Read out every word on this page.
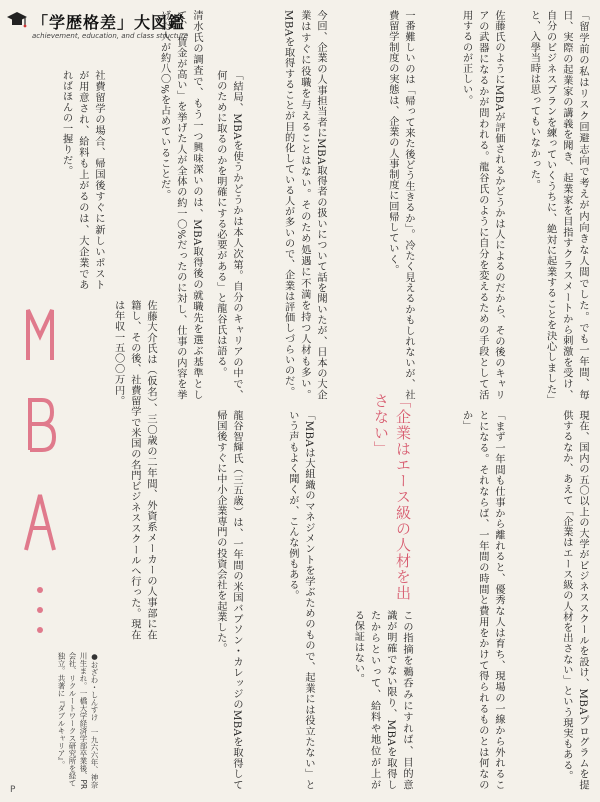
「学歴格差」大図鑑
achievement, education, and class structure	「留学前の私はリスク回避志向で考えが内向きな人間でした。でも一年間、毎日、実際の起業家の講義を聞き、起業家を目指すクラスメートから刺激を受け、自分のビジネスプランを練っていくうちに、絶対に起業することを決心しました」と、入學当時は思ってもいなかった。
佐藤氏のようにMBAが評価されるかどうかは人によるのだから、その後のキャリアの武器になるかが問われる。龍谷氏のように自分を変えるための手段として活用するのが正しい。
一番難しいのは「帰って来た後どう生きるか」。冷たく見えるかもしれないが、社費留学制度の実態は、企業の人事制度に回帰していく。
今回、企業の人事担当者にMBA取得者の扱いについて話を聞いたが、日本の大企業はすぐに役職を与えることはない。そのため処遇に不満を持つ人材も多い。MBAを取得することが目的化している人が多いので、企業は評価しづらいのだ。
「結局、MBAを使うかどうかは本人次第。自分のキャリアの中で、何のために取るのかを明確にする必要がある」と龍谷氏は語る。
清水氏の調査で、もう一つ興味深いのは、MBA取得後の就職先を選ぶ基準として、「賃金が高い」を挙げた人が全体の約一〇%だったのに対し、仕事の内容を挙げた人が約八〇%を占めていることだ。
社費留学の場合、帰国後すぐに新しいポストが用意され、給料も上がるのは、大企業であればほんの一握りだ。
現在、国内の五〇以上の大学がビジネススクールを設け、MBAプログラムを提供するなか、あえて「企業はエース級の人材を出さない」という現実もある。
「まず一年間も仕事から離れると、優秀な人は育ち、現場の一線から外れることになる。それならば、一年間の時間と費用をかけて得られるものとは何なのか」
この指摘を鵜呑みにすれば、目的意識が明確でない限り、MBAを取得したからといって、給料や地位が上がる保証はない。
「MBAは大組織のマネジメントを学ぶためのもので、起業には役立たない」という声もよく聞くが、こんな例もある。
龍谷智輝氏（三五歳）は、一年間の米国バブソン・カレッジのMBAを取得して帰国後すぐに中小企業専門の投資会社を起業した。
佐藤大介氏は（仮名）、三〇歳の二年間、外資系メーカーの人事部に在籍し、その後、社費留学で米国の名門ビジネススクールへ行った。現在は年収一五〇〇万円。
「企業はエース級の人材を出さない」
●おざわ・しんすけ　一九六六年、神奈川生まれ。一橋大学経済学部卒業後、PR会社、リクルートワークス研究所を経て独立。共著に『ダブルキャリア』。
P
